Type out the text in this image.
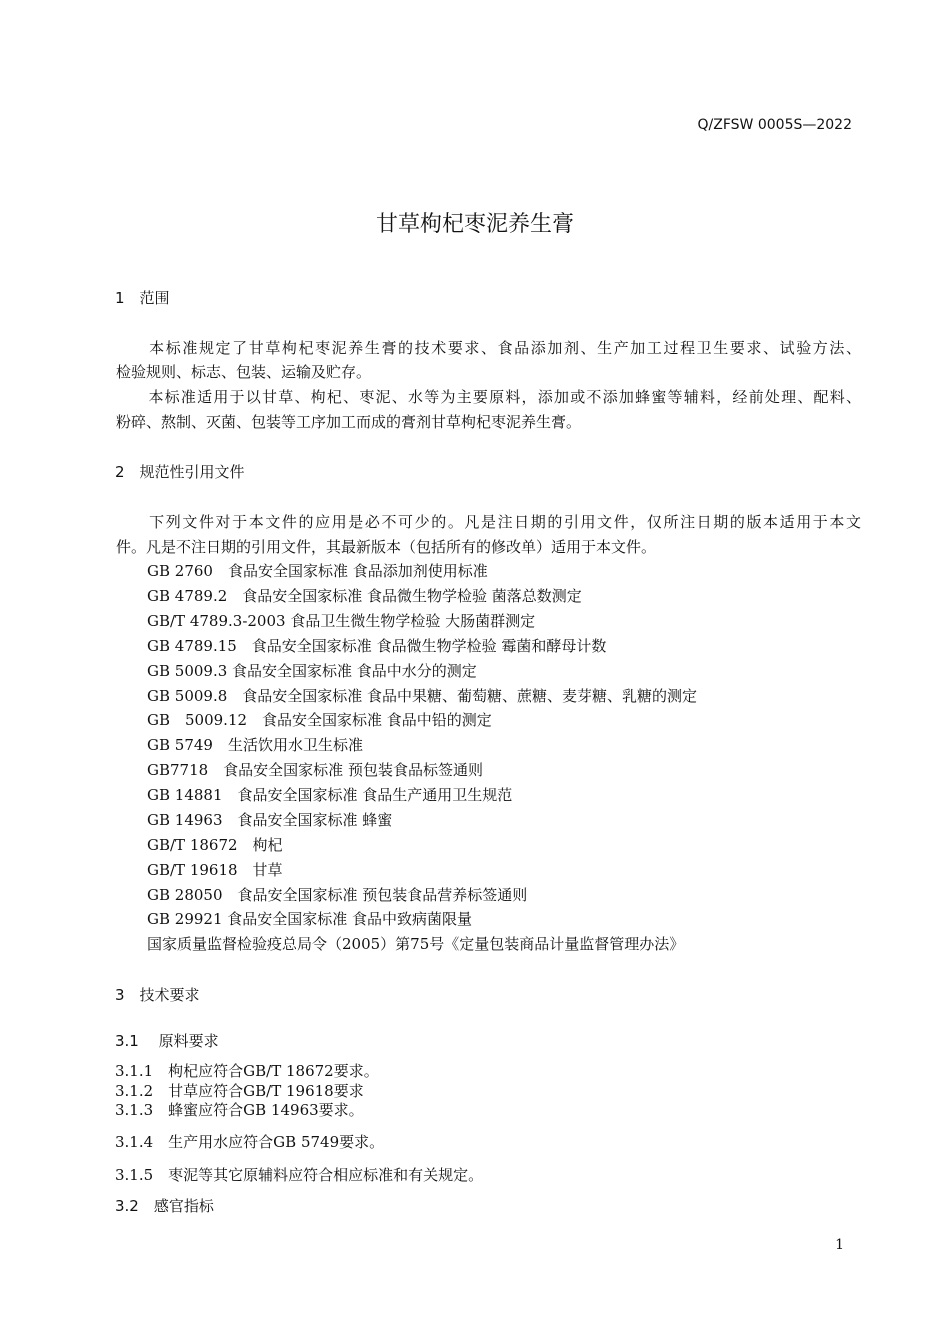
Q/ZFSW 0005S—2022
甘草枸杞枣泥养生膏
1　范围
　　本标准规定了甘草枸杞枣泥养生膏的技术要求、食品添加剂、生产加工过程卫生要求、试验方法、
检验规则、标志、包装、运输及贮存。
　　本标准适用于以甘草、枸杞、枣泥、水等为主要原料，添加或不添加蜂蜜等辅料，经前处理、配料、
粉碎、熬制、灭菌、包装等工序加工而成的膏剂甘草枸杞枣泥养生膏。
2　规范性引用文件
　　下列文件对于本文件的应用是必不可少的。凡是注日期的引用文件，仅所注日期的版本适用于本文
件。凡是不注日期的引用文件，其最新版本（包括所有的修改单）适用于本文件。
GB 2760　食品安全国家标准 食品添加剂使用标准
GB 4789.2　食品安全国家标准 食品微生物学检验 菌落总数测定
GB/T 4789.3-2003 食品卫生微生物学检验 大肠菌群测定
GB 4789.15　食品安全国家标准 食品微生物学检验 霉菌和酵母计数
GB 5009.3 食品安全国家标准 食品中水分的测定
GB 5009.8　食品安全国家标准 食品中果糖、葡萄糖、蔗糖、麦芽糖、乳糖的测定
GB　5009.12　食品安全国家标准 食品中铅的测定
GB 5749　生活饮用水卫生标准
GB7718　食品安全国家标准 预包装食品标签通则
GB 14881　食品安全国家标准 食品生产通用卫生规范
GB 14963　食品安全国家标准 蜂蜜
GB/T 18672　枸杞
GB/T 19618　甘草
GB 28050　食品安全国家标准 预包装食品营养标签通则
GB 29921 食品安全国家标准 食品中致病菌限量
国家质量监督检验疫总局令（2005）第75号《定量包装商品计量监督管理办法》
3　技术要求
3.1　 原料要求
3.1.1　枸杞应符合GB/T 18672要求。
3.1.2　甘草应符合GB/T 19618要求
3.1.3　蜂蜜应符合GB 14963要求。
3.1.4　生产用水应符合GB 5749要求。
3.1.5　枣泥等其它原辅料应符合相应标准和有关规定。
3.2　感官指标
1
